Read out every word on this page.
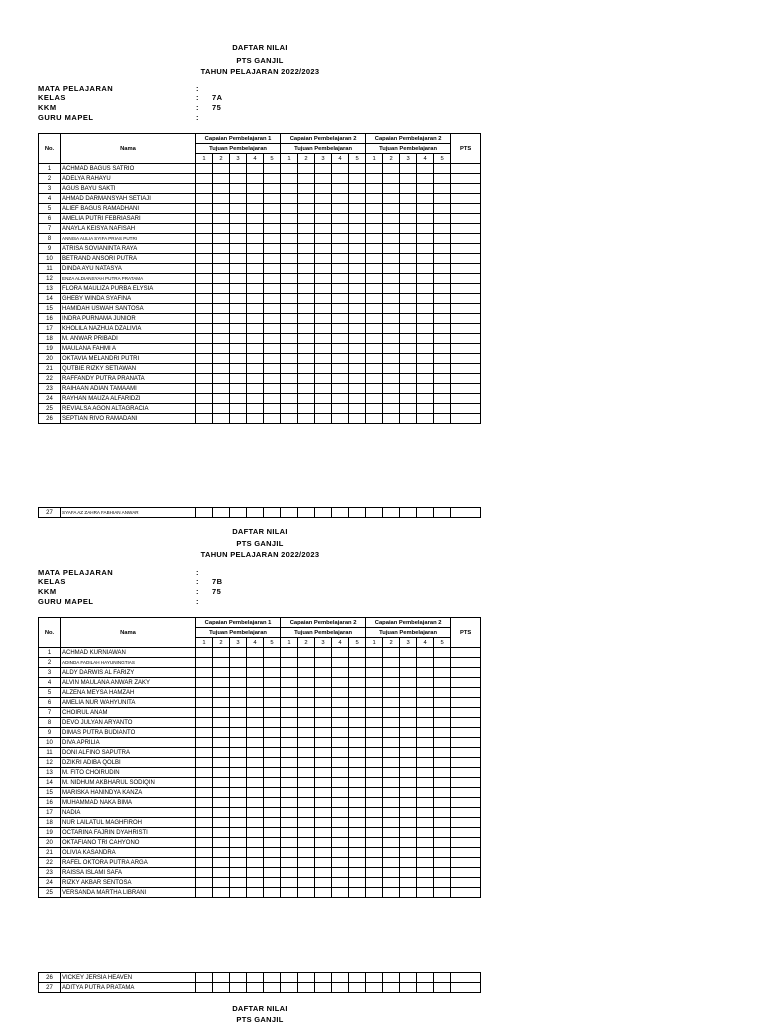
DAFTAR NILAI
PTS GANJIL
TAHUN PELAJARAN 2022/2023
MATA PELAJARAN	:
KELAS	: 7A
KKM	: 75
GURU MAPEL	:
No.	Nama	Capaian Pembelajaran 1					Capaian Pembelajaran 2					Capaian Pembelajaran 2					PTS
		Tujuan Pembelajaran					Tujuan Pembelajaran					Tujuan Pembelajaran					
		1	2	3	4	5	1	2	3	4	5	1	2	3	4	5	
1	ACHMAD BAGUS SATRIO																
2	ADELYA RAHAYU																
3	AGUS BAYU SAKTI																
4	AHMAD DARMANSYAH SETIAJI																
5	ALIEF BAGUS RAMADHANI																
6	AMELIA PUTRI FEBRIASARI																
7	ANAYLA KEISYA NAFISAH																
8	ANNISA AULIA SYIFA PRIAS PUTRI																
9	ATRISA SOVIANINTA RAYA																
10	BETRAND ANSORI PUTRA																
11	DINDA AYU NATASYA																
12	ENZA ALDIANSYAH PUTRA PRATAMA																
13	FLORA MAULIZA PURBA ELYSIA																
14	GHEBY WINDA SYAFINA																
15	HAMIDAH USWAH SANTOSA																
16	INDRA PURNAMA JUNIOR																
17	KHOLILA NAZHUA DZALIVIA																
18	M. ANWAR PRIBADI																
19	MAULANA FAHMI A																
20	OKTAVIA MELANDRI PUTRI																
21	QUTBIE RIZKY SETIAWAN																
22	RAFFANDY PUTRA PRANATA																
23	RAIHAAN ADIAN TAMAAMI																
24	RAYHAN MAUZA ALFARIDZI																
25	REVIALSA AGON ALTAGRACIA																
26	SEPTIAN RIVO RAMADANI																
27	SYAFA AZ ZAHRA FABHIAN ANWAR																
DAFTAR NILAI
PTS GANJIL
TAHUN PELAJARAN 2022/2023
MATA PELAJARAN	:
KELAS	: 7B
KKM	: 75
GURU MAPEL	:
No.	Nama	Capaian Pembelajaran 1					Capaian Pembelajaran 2					Capaian Pembelajaran 2					PTS
		Tujuan Pembelajaran					Tujuan Pembelajaran					Tujuan Pembelajaran					
		1	2	3	4	5	1	2	3	4	5	1	2	3	4	5	
1	ACHMAD KURNIAWAN																
2	ADINDA FADILAH HAYUNINGTIAS																
3	ALDY DARWIS AL FARIZY																
4	ALVIN MAULANA ANWAR ZAKY																
5	ALZENA MEYSA HAMZAH																
6	AMELIA NUR WAHYUNITA																
7	CHOIRUL ANAM																
8	DEVO JULYAN ARYANTO																
9	DIMAS PUTRA BUDIANTO																
10	DIVA APRILIA																
11	DONI ALFINO SAPUTRA																
12	DZIKRI ADIBA QOLBI																
13	M. FITO CHOIRUDIN																
14	M. NIDHUM AKBHARUL SODIQIN																
15	MARISKA HANINDYA KANZA																
16	MUHAMMAD NAKA BIMA																
17	NADIA																
18	NUR LAILATUL MAGHFIROH																
19	OCTARINA FAJRIN DYAHRISTI																
20	OKTAFIANO TRI CAHYONO																
21	OLIVIA KASANDRA																
22	RAFEL OKTORA PUTRA ARGA																
23	RAISSA ISLAMI SAFA																
24	RIZKY AKBAR SENTOSA																
25	VERSANDA MARTHA LIBRANI																
26	VICKEY JERSIA HEAVEN																
27	ADITYA PUTRA PRATAMA																
DAFTAR NILAI
PTS GANJIL
